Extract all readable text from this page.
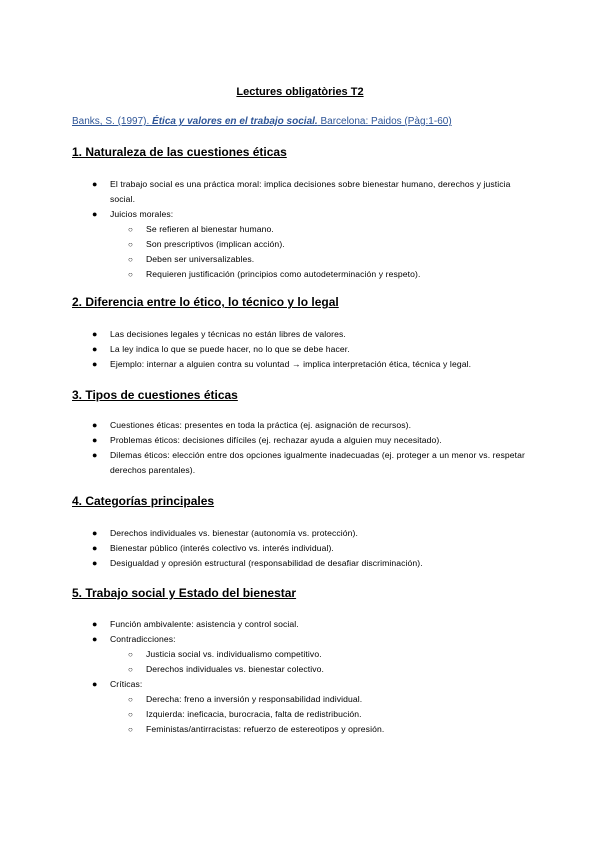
Lectures obligatòries T2
Banks, S. (1997). Ética y valores en el trabajo social. Barcelona: Paidos (Pàg:1-60)
1. Naturaleza de las cuestiones éticas
● El trabajo social es una práctica moral: implica decisiones sobre bienestar humano, derechos y justicia social.
● Juicios morales:
○ Se refieren al bienestar humano.
○ Son prescriptivos (implican acción).
○ Deben ser universalizables.
○ Requieren justificación (principios como autodeterminación y respeto).
2. Diferencia entre lo ético, lo técnico y lo legal
● Las decisiones legales y técnicas no están libres de valores.
● La ley indica lo que se puede hacer, no lo que se debe hacer.
● Ejemplo: internar a alguien contra su voluntad → implica interpretación ética, técnica y legal.
3. Tipos de cuestiones éticas
● Cuestiones éticas: presentes en toda la práctica (ej. asignación de recursos).
● Problemas éticos: decisiones difíciles (ej. rechazar ayuda a alguien muy necesitado).
● Dilemas éticos: elección entre dos opciones igualmente inadecuadas (ej. proteger a un menor vs. respetar derechos parentales).
4. Categorías principales
● Derechos individuales vs. bienestar (autonomía vs. protección).
● Bienestar público (interés colectivo vs. interés individual).
● Desigualdad y opresión estructural (responsabilidad de desafiar discriminación).
5. Trabajo social y Estado del bienestar
● Función ambivalente: asistencia y control social.
● Contradicciones:
○ Justicia social vs. individualismo competitivo.
○ Derechos individuales vs. bienestar colectivo.
● Críticas:
○ Derecha: freno a inversión y responsabilidad individual.
○ Izquierda: ineficacia, burocracia, falta de redistribución.
○ Feministas/antirracistas: refuerzo de estereotipos y opresión.
